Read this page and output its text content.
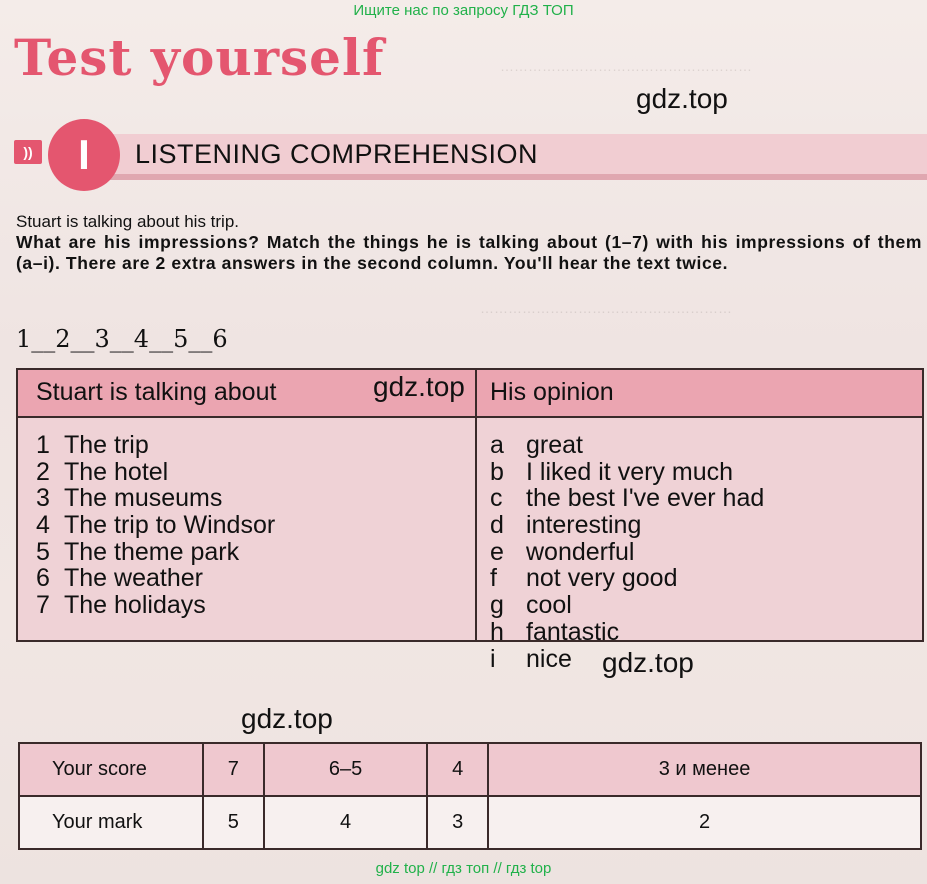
………………………………………………
………………………………………………
Ищите нас по запросу ГДЗ ТОП
Test yourself
gdz.top
))	I	LISTENING COMPREHENSION
Stuart is talking about his trip.

What are his impressions? Match the things he is talking about (1–7) with his impressions of them (a–i). There are 2 extra answers in the second column. You'll hear the text twice.

1__2__3__4__5__6
Stuart is talking about	His opinion
1 The trip
2 The hotel
3 The museums
4 The trip to Windsor
5 The theme park
6 The weather
7 The holidays
a great
b I liked it very much
c the best I've ever had
d interesting
e wonderful
f not very good
g cool
h fantastic
i nice
gdz.top
gdz.top
gdz.top
Your score	7	6–5	4	3 и менее
Your mark	5	4	3	2
gdz top // гдз топ // гдз top
